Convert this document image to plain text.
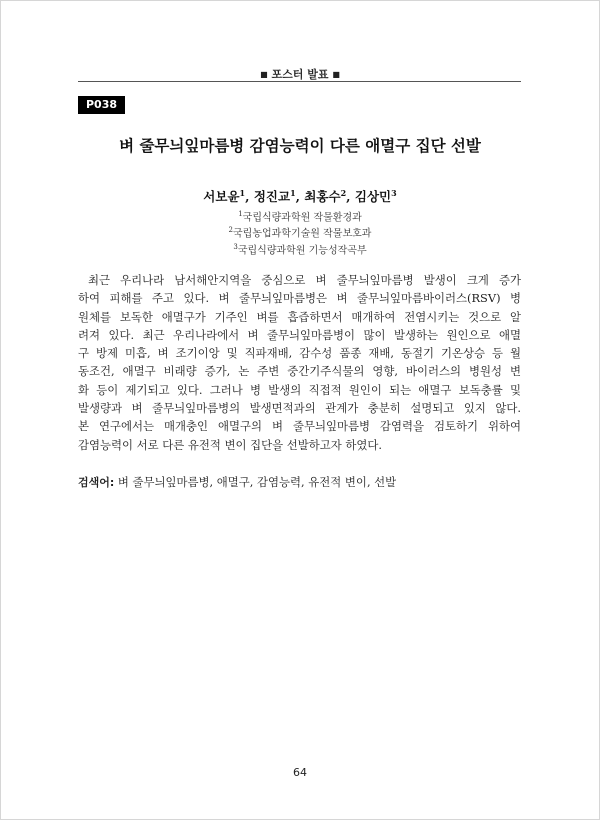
■ 포스터 발표 ■
P038
벼 줄무늬잎마름병 감염능력이 다른 애멸구 집단 선발
서보윤$^1$, 정진교$^1$, 최홍수$^2$, 김상민$^3$
$^1$국립식량과학원 작물환경과
$^2$국립농업과학기술원 작물보호과
$^3$국립식량과학원 기능성작곡부
최근 우리나라 남서해안지역을 중심으로 벼 줄무늬잎마름병 발생이 크게 증가
하여 피해를 주고 있다. 벼 줄무늬잎마름병은 벼 줄무늬잎마름바이러스(RSV) 병
원체를 보독한 애멸구가 기주인 벼를 흡즙하면서 매개하여 전염시키는 것으로 알
려져 있다. 최근 우리나라에서 벼 줄무늬잎마름병이 많이 발생하는 원인으로 애멸
구 방제 미흡, 벼 조기이앙 및 직파재배, 감수성 품종 재배, 동절기 기온상승 등 월
동조건, 애멸구 비래량 증가, 논 주변 중간기주식물의 영향, 바이러스의 병원성 변
화 등이 제기되고 있다. 그러나 병 발생의 직접적 원인이 되는 애멸구 보독충률 및
발생량과 벼 줄무늬잎마름병의 발생면적과의 관계가 충분히 설명되고 있지 않다.
본 연구에서는 매개충인 애멸구의 벼 줄무늬잎마름병 감염력을 검토하기 위하여
감염능력이 서로 다른 유전적 변이 집단을 선발하고자 하였다.
검색어: 벼 줄무늬잎마름병, 애멸구, 감염능력, 유전적 변이, 선발
64
